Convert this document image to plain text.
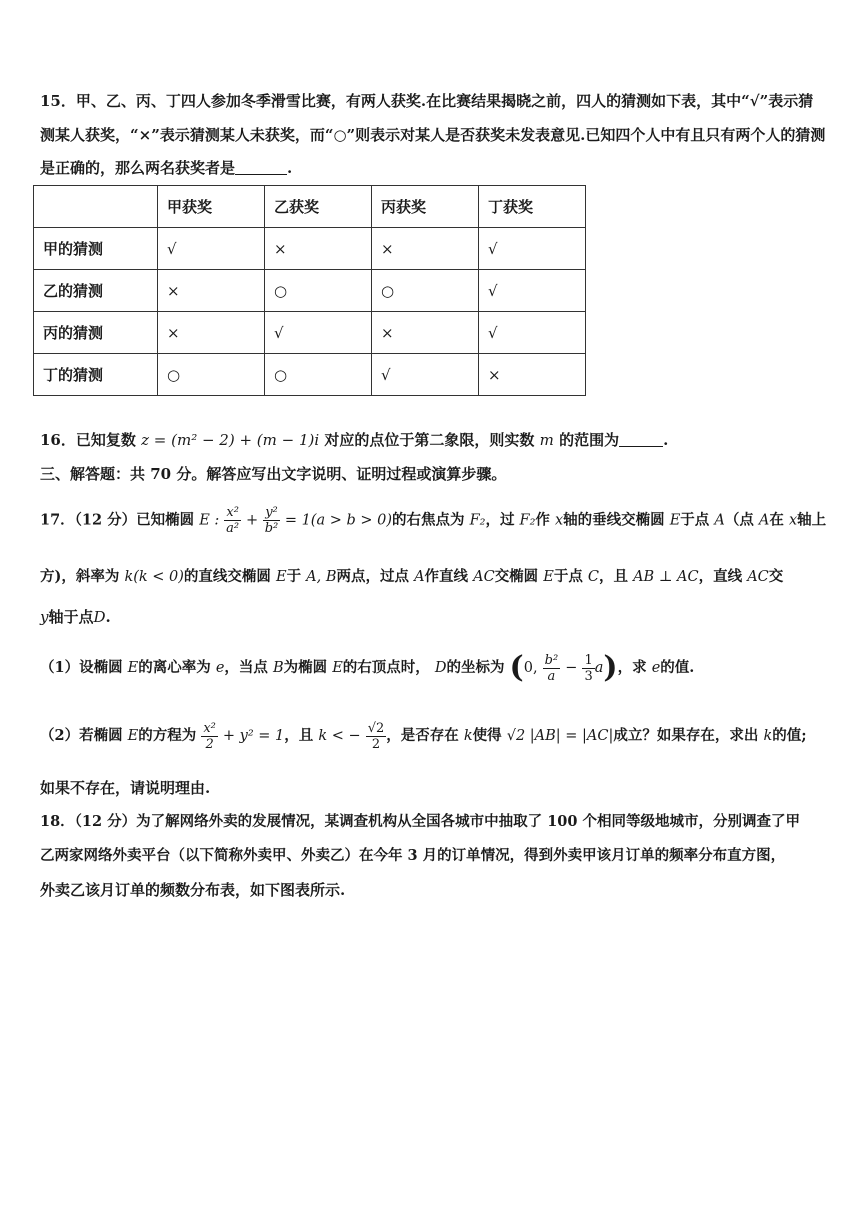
15．甲、乙、丙、丁四人参加冬季滑雪比赛，有两人获奖.在比赛结果揭晓之前，四人的猜测如下表，其中“√”表示猜
测某人获奖，“×”表示猜测某人未获奖，而“○”则表示对某人是否获奖未发表意见.已知四个人中有且只有两个人的猜测
是正确的，那么两名获奖者是	.
	甲获奖	乙获奖	丙获奖	丁获奖
甲的猜测	√	×	×	√
乙的猜测	×	○	○	√
丙的猜测	×	√	×	√
丁的猜测	○	○	√	×
16．已知复数 z = (m² − 2) + (m − 1)i 对应的点位于第二象限，则实数 m 的范围为	.
三、解答题：共 70 分。解答应写出文字说明、证明过程或演算步骤。
17．（12 分）已知椭圆 E : $\frac{\text{x²}}{\text{a²}} + \frac{\text{y²}}{\text{b²}} = 1(a > b > 0)$的右焦点为 F₂，过 F₂作 x轴的垂线交椭圆 E于点 A（点 A在 x轴上
方)，斜率为 k(k < 0)的直线交椭圆 E于 A, B两点，过点 A作直线 AC交椭圆 E于点 C，且 AB ⊥ AC，直线 AC交
y轴于点D.
（1）设椭圆 E的离心率为 e，当点 B为椭圆 E的右顶点时， D的坐标为 (0, $\frac{\text{b²}}{a} - \frac{1}{3} a$)，求 e的值.
（2）若椭圆 E的方程为 $\frac{\text{x²}}{2} + y^2 = 1$，且 k < − $\frac{√2}{2}$ ，是否存在 k使得 √2 |AB| = |AC|成立？如果存在，求出 k的值;
如果不存在，请说明理由.
18．（12 分）为了解网络外卖的发展情况，某调查机构从全国各城市中抽取了 100 个相同等级地城市，分别调查了甲
乙两家网络外卖平台（以下简称外卖甲、外卖乙）在今年 3 月的订单情况，得到外卖甲该月订单的频率分布直方图，
外卖乙该月订单的频数分布表，如下图表所示.
